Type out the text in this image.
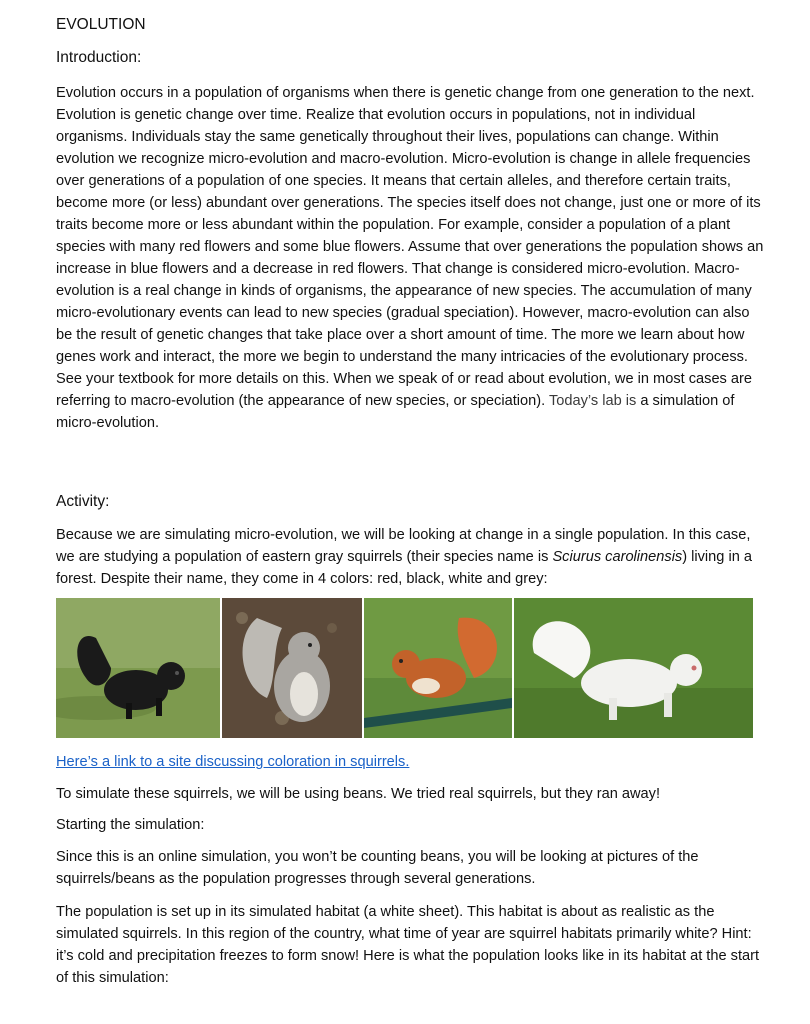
EVOLUTION

Introduction:

Evolution occurs in a population of organisms when there is genetic change from one generation to the next. Evolution is genetic change over time. Realize that evolution occurs in populations, not in individual organisms. Individuals stay the same genetically throughout their lives, populations can change. Within evolution we recognize micro-evolution and macro-evolution. Micro-evolution is change in allele frequencies over generations of a population of one species. It means that certain alleles, and therefore certain traits, become more (or less) abundant over generations. The species itself does not change, just one or more of its traits become more or less abundant within the population. For example, consider a population of a plant species with many red flowers and some blue flowers. Assume that over generations the population shows an increase in blue flowers and a decrease in red flowers. That change is considered micro-evolution. Macro-evolution is a real change in kinds of organisms, the appearance of new species. The accumulation of many micro-evolutionary events can lead to new species (gradual speciation). However, macro-evolution can also be the result of genetic changes that take place over a short amount of time. The more we learn about how genes work and interact, the more we begin to understand the many intricacies of the evolutionary process. See your textbook for more details on this. When we speak of or read about evolution, we in most cases are referring to macro-evolution (the appearance of new species, or speciation). Today’s lab is a simulation of micro-evolution.

Activity:

Because we are simulating micro-evolution, we will be looking at change in a single population. In this case, we are studying a population of eastern gray squirrels (their species name is Sciurus carolinensis) living in a forest. Despite their name, they come in 4 colors: red, black, white and grey:

Here’s a link to a site discussing coloration in squirrels.

To simulate these squirrels, we will be using beans. We tried real squirrels, but they ran away!

Starting the simulation:

Since this is an online simulation, you won’t be counting beans, you will be looking at pictures of the squirrels/beans as the population progresses through several generations.

The population is set up in its simulated habitat (a white sheet). This habitat is about as realistic as the simulated squirrels. In this region of the country, what time of year are squirrel habitats primarily white? Hint: it’s cold and precipitation freezes to form snow! Here is what the population looks like in its habitat at the start of this simulation:
